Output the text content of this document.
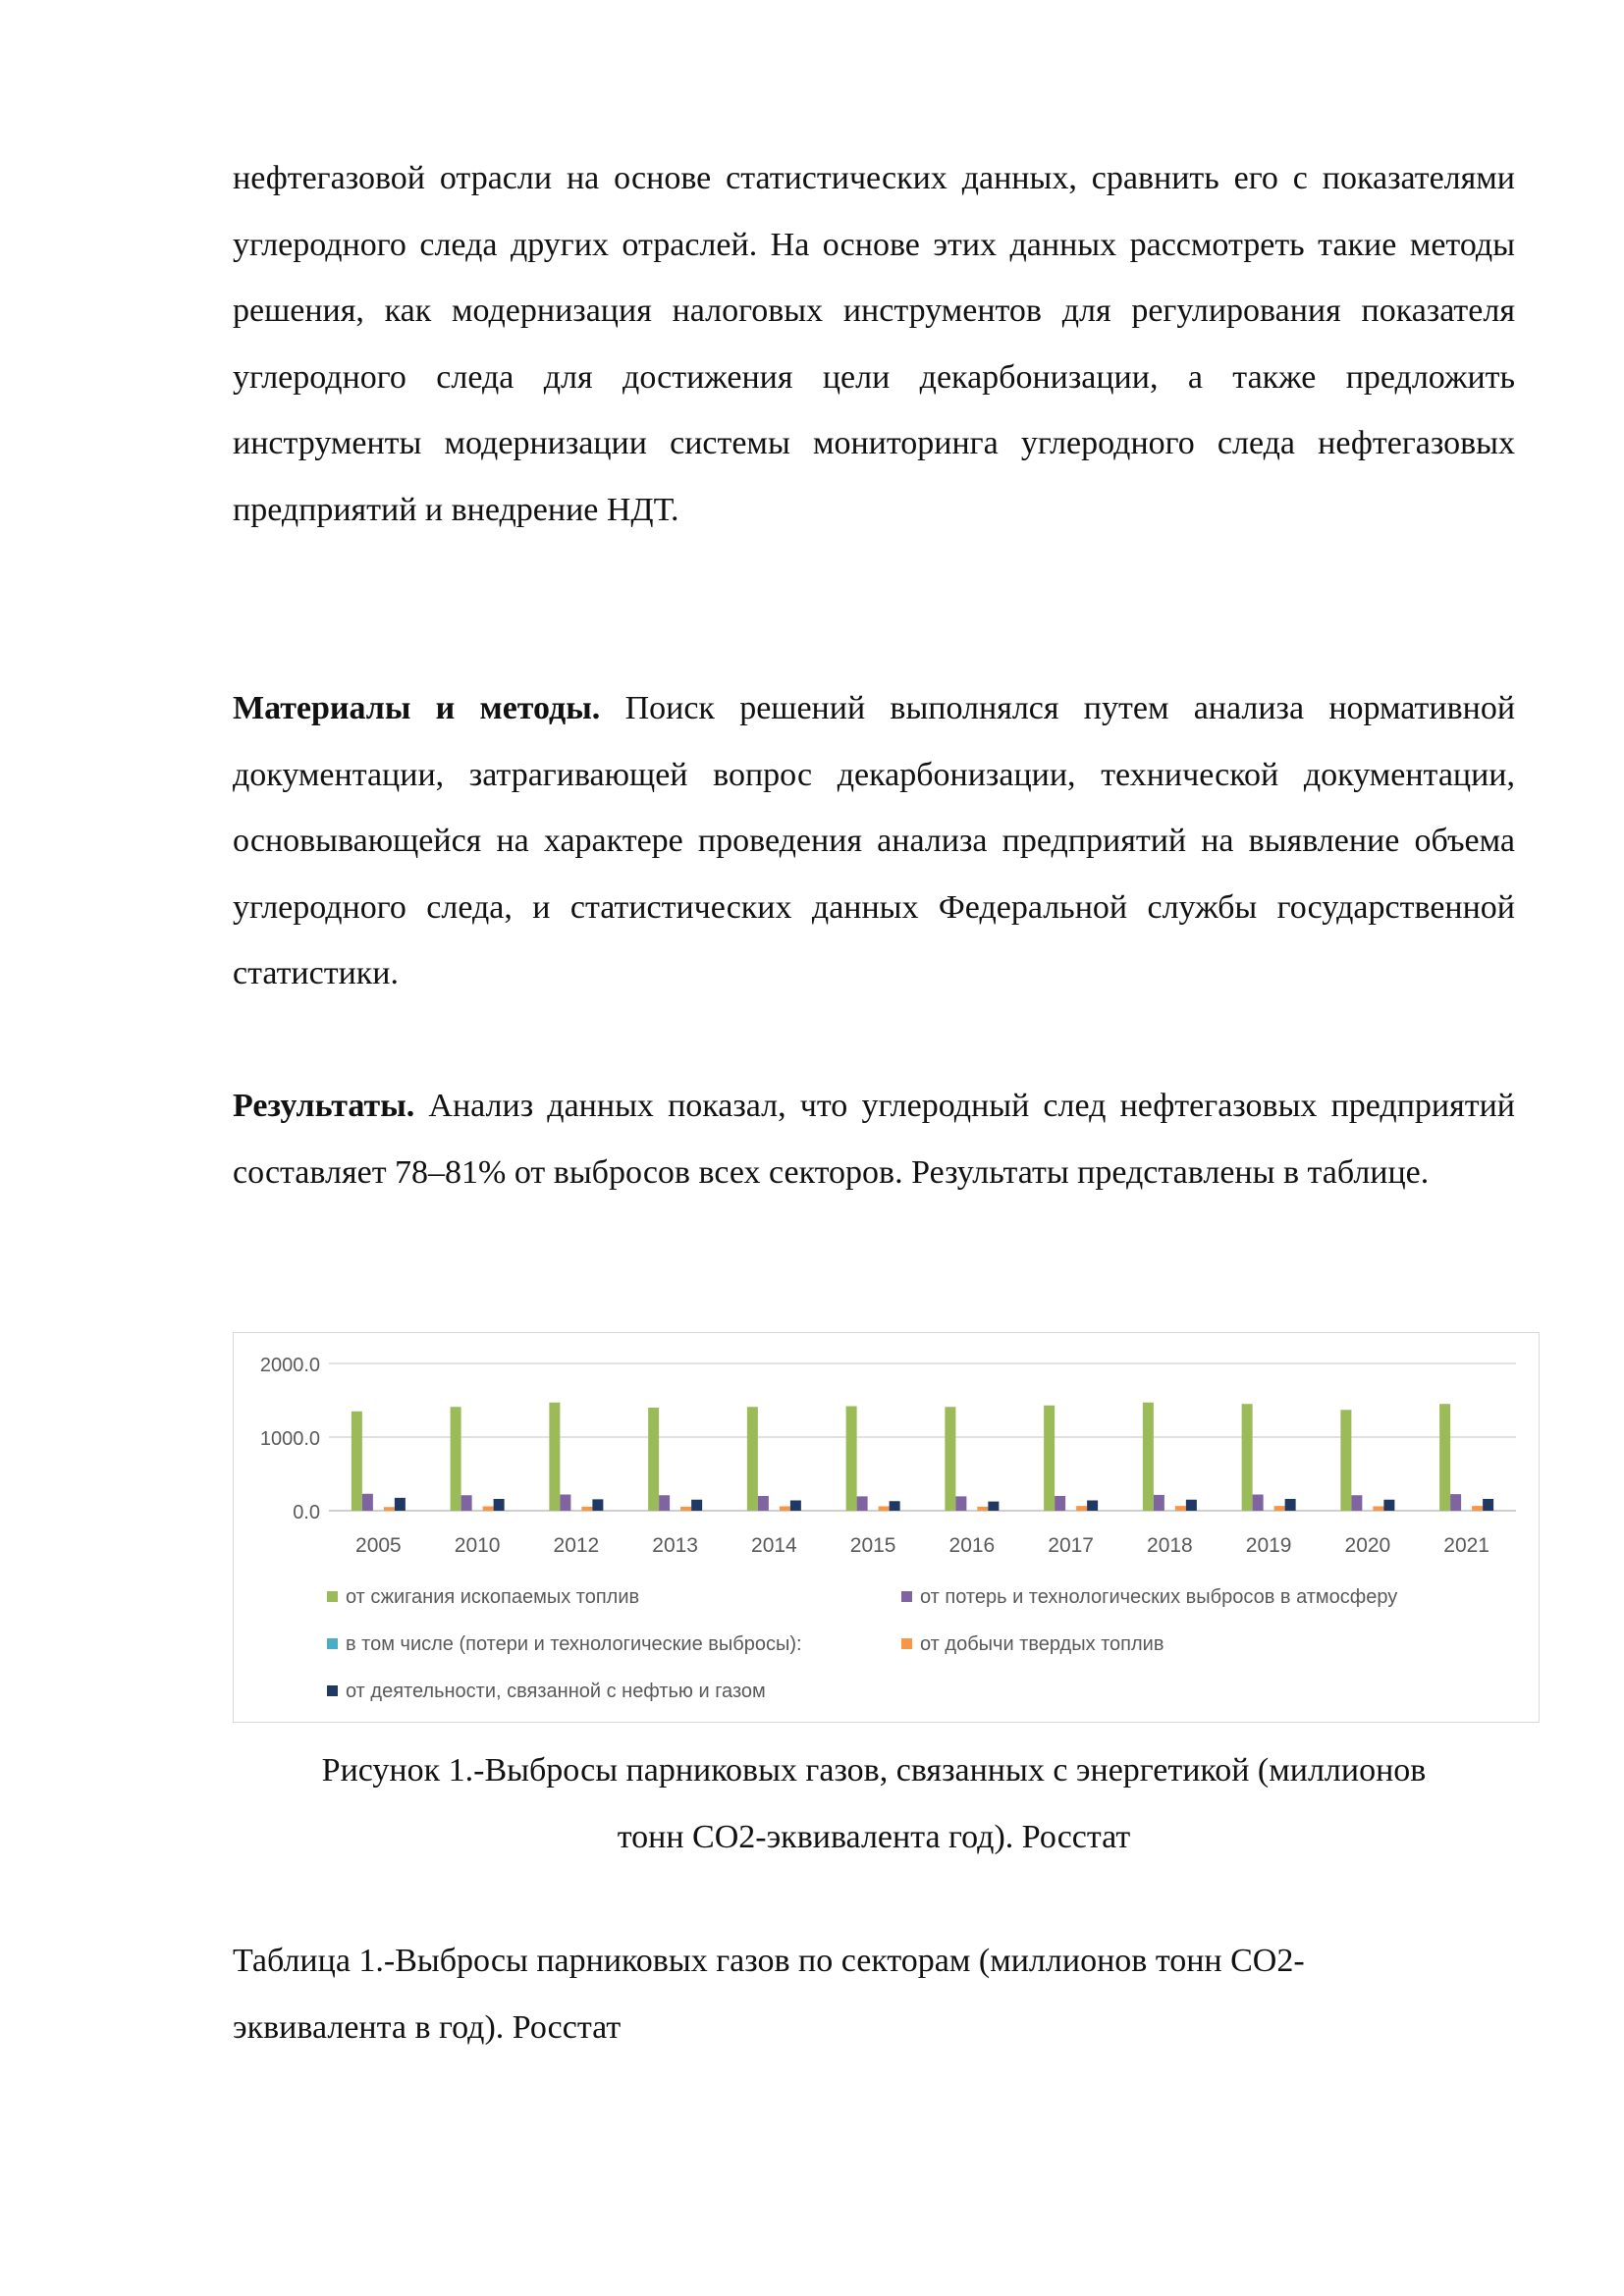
нефтегазовой отрасли на основе статистических данных, сравнить его с показателями углеродного следа других отраслей. На основе этих данных рассмотреть такие методы решения, как модернизация налоговых инструментов для регулирования показателя углеродного следа для достижения цели декарбонизации, а также предложить инструменты модернизации системы мониторинга углеродного следа нефтегазовых предприятий и внедрение НДТ.

Материалы и методы. Поиск решений выполнялся путем анализа нормативной документации, затрагивающей вопрос декарбонизации, технической документации, основывающейся на характере проведения анализа предприятий на выявление объема углеродного следа, и статистических данных Федеральной службы государственной статистики.

Результаты. Анализ данных показал, что углеродный след нефтегазовых предприятий составляет 78–81% от выбросов всех секторов. Результаты представлены в таблице.

0.0
1000.0
2000.0
2005	2010	2012	2013	2014	2015	2016	2017	2018	2019	2020	2021
от сжигания ископаемых топлив	от потерь и технологических выбросов в атмосферу
в том числе (потери и технологические выбросы):	от добычи твердых топлив
от деятельности, связанной с нефтью и газом

Рисунок 1.-Выбросы парниковых газов, связанных с энергетикой (миллионов
тонн СО2-эквивалента год). Росстат

Таблица 1.-Выбросы парниковых газов по секторам (миллионов тонн СО2-
эквивалента в год). Росстат
